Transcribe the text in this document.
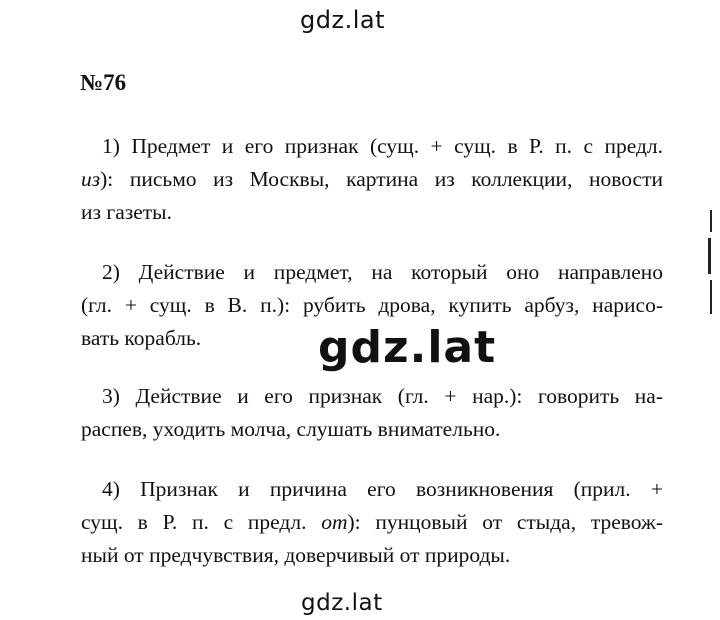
gdz.lat
№76
1) Предмет и его признак (сущ. + сущ. в Р. п. с предл.
из): письмо из Москвы, картина из коллекции, новости
из газеты.
2) Действие и предмет, на который оно направлено
(гл. + сущ. в В. п.): рубить дрова, купить арбуз, нарисо-
вать корабль.	gdz.lat
3) Действие и его признак (гл. + нар.): говорить на-
распев, уходить молча, слушать внимательно.
4) Признак и причина его возникновения (прил. +
сущ. в Р. п. с предл. от): пунцовый от стыда, тревож-
ный от предчувствия, доверчивый от природы.
gdz.lat
